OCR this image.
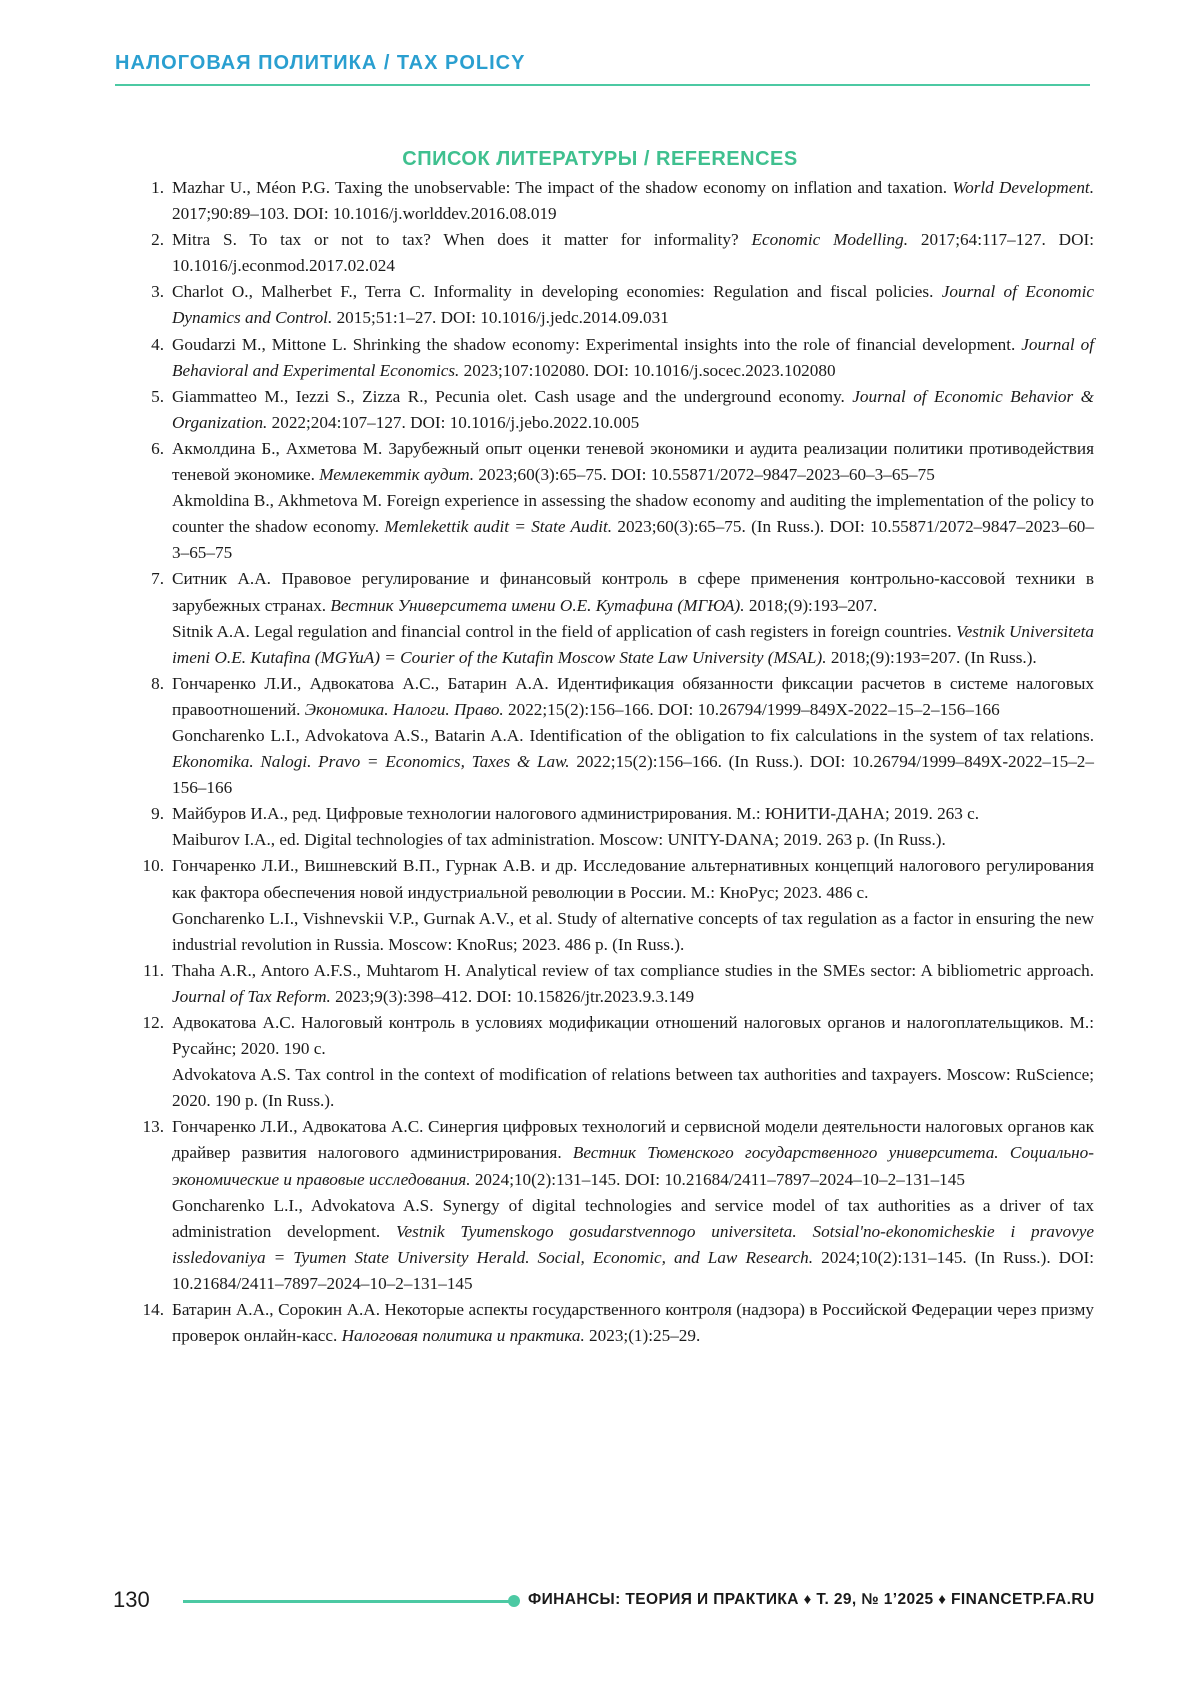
НАЛОГОВАЯ ПОЛИТИКА / TAX POLICY
СПИСОК ЛИТЕРАТУРЫ / REFERENCES
1. Mazhar U., Méon P.G. Taxing the unobservable: The impact of the shadow economy on inflation and taxation. World Development. 2017;90:89–103. DOI: 10.1016/j.worlddev.2016.08.019

2. Mitra S. To tax or not to tax? When does it matter for informality? Economic Modelling. 2017;64:117–127. DOI: 10.1016/j.econmod.2017.02.024

3. Charlot O., Malherbet F., Terra C. Informality in developing economies: Regulation and fiscal policies. Journal of Economic Dynamics and Control. 2015;51:1–27. DOI: 10.1016/j.jedc.2014.09.031

4. Goudarzi M., Mittone L. Shrinking the shadow economy: Experimental insights into the role of financial development. Journal of Behavioral and Experimental Economics. 2023;107:102080. DOI: 10.1016/j.socec.2023.102080

5. Giammatteo M., Iezzi S., Zizza R., Pecunia olet. Cash usage and the underground economy. Journal of Economic Behavior & Organization. 2022;204:107–127. DOI: 10.1016/j.jebo.2022.10.005

6. Акмолдина Б., Ахметова М. Зарубежный опыт оценки теневой экономики и аудита реализации политики противодействия теневой экономике. Мемлекеттік аудит. 2023;60(3):65–75. DOI: 10.55871/2072–9847–2023–60–3–65–75

Akmoldina B., Akhmetova M. Foreign experience in assessing the shadow economy and auditing the implementation of the policy to counter the shadow economy. Memlekettik audit = State Audit. 2023;60(3):65–75. (In Russ.). DOI: 10.55871/2072–9847–2023–60–3–65–75

7. Ситник А.А. Правовое регулирование и финансовый контроль в сфере применения контрольно-кассовой техники в зарубежных странах. Вестник Университета имени О.Е. Кутафина (МГЮА). 2018;(9):193–207.

Sitnik A.A. Legal regulation and financial control in the field of application of cash registers in foreign countries. Vestnik Universiteta imeni O.E. Kutafina (MGYuA) = Courier of the Kutafin Moscow State Law University (MSAL). 2018;(9):193=207. (In Russ.).

8. Гончаренко Л.И., Адвокатова А.С., Батарин А.А. Идентификация обязанности фиксации расчетов в системе налоговых правоотношений. Экономика. Налоги. Право. 2022;15(2):156–166. DOI: 10.26794/1999–849X-2022–15–2–156–166

Goncharenko L.I., Advokatova A.S., Batarin A.A. Identification of the obligation to fix calculations in the system of tax relations. Ekonomika. Nalogi. Pravo = Economics, Taxes & Law. 2022;15(2):156–166. (In Russ.). DOI: 10.26794/1999–849X-2022–15–2–156–166

9. Майбуров И.А., ред. Цифровые технологии налогового администрирования. М.: ЮНИТИ-ДАНА; 2019. 263 с.

Maiburov I.A., ed. Digital technologies of tax administration. Moscow: UNITY-DANA; 2019. 263 p. (In Russ.).

10. Гончаренко Л.И., Вишневский В.П., Гурнак А.В. и др. Исследование альтернативных концепций налогового регулирования как фактора обеспечения новой индустриальной революции в России. М.: КноРус; 2023. 486 с.

Goncharenko L.I., Vishnevskii V.P., Gurnak A.V., et al. Study of alternative concepts of tax regulation as a factor in ensuring the new industrial revolution in Russia. Moscow: KnoRus; 2023. 486 p. (In Russ.).

11. Thaha A.R., Antoro A.F.S., Muhtarom H. Analytical review of tax compliance studies in the SMEs sector: A bibliometric approach. Journal of Tax Reform. 2023;9(3):398–412. DOI: 10.15826/jtr.2023.9.3.149

12. Адвокатова А.С. Налоговый контроль в условиях модификации отношений налоговых органов и налогоплательщиков. М.: Русайнс; 2020. 190 с.

Advokatova A.S. Tax control in the context of modification of relations between tax authorities and taxpayers. Moscow: RuScience; 2020. 190 p. (In Russ.).

13. Гончаренко Л.И., Адвокатова А.С. Синергия цифровых технологий и сервисной модели деятельности налоговых органов как драйвер развития налогового администрирования. Вестник Тюменского государственного университета. Социально-экономические и правовые исследования. 2024;10(2):131–145. DOI: 10.21684/2411–7897–2024–10–2–131–145

Goncharenko L.I., Advokatova A.S. Synergy of digital technologies and service model of tax authorities as a driver of tax administration development. Vestnik Tyumenskogo gosudarstvennogo universiteta. Sotsial'no-ekonomicheskie i pravovye issledovaniya = Tyumen State University Herald. Social, Economic, and Law Research. 2024;10(2):131–145. (In Russ.). DOI: 10.21684/2411–7897–2024–10–2–131–145

14. Батарин А.А., Сорокин А.А. Некоторые аспекты государственного контроля (надзора) в Российской Федерации через призму проверок онлайн-касс. Налоговая политика и практика. 2023;(1):25–29.

130	ФИНАНСЫ: ТЕОРИЯ И ПРАКТИКА ♦ Т. 29, № 1’2025 ♦ FINANCETP.FA.RU
